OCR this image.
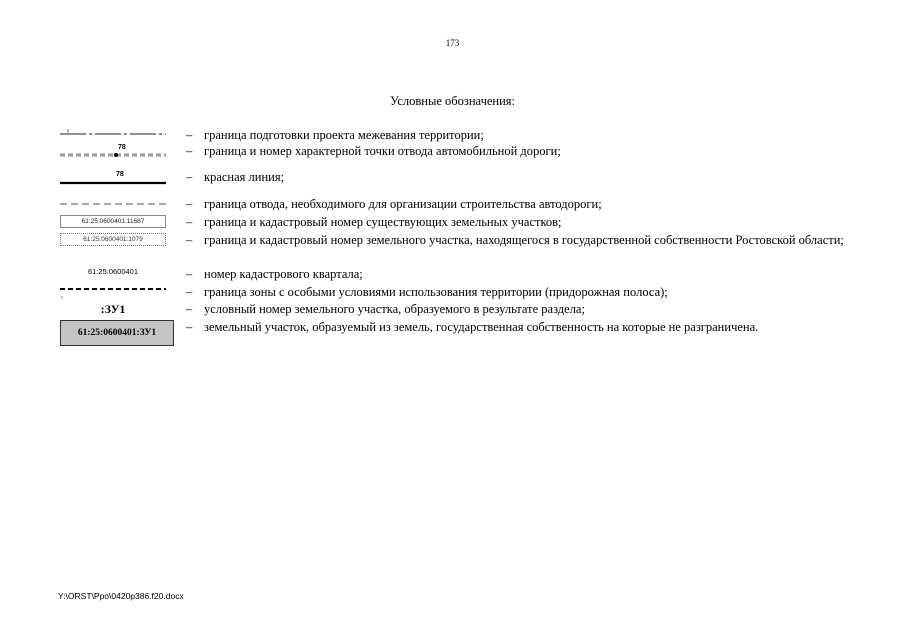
173
Условные обозначения:
– граница подготовки проекта межевания территории;
78	– граница и номер характерной точки отвода автомобильной дороги;
78	– красная линия;
– граница отвода, необходимого для организации строительства автодороги;
61:25:0600401:11687	– граница и кадастровый номер существующих земельных участков;
61:25:0600401:1079	– граница и кадастровый номер земельного участка, находящегося в государственной собственности Ростовской области;
61:25:0600401	– номер кадастрового квартала;
– граница зоны с особыми условиями использования территории (придорожная полоса);
:ЗУ1	– условный номер земельного участка, образуемого в результате раздела;
61:25:0600401:ЗУ1	– земельный участок, образуемый из земель, государственная собственность на которые не разграничена.
Y:\ORST\Ppo\0420p386.f20.docx
